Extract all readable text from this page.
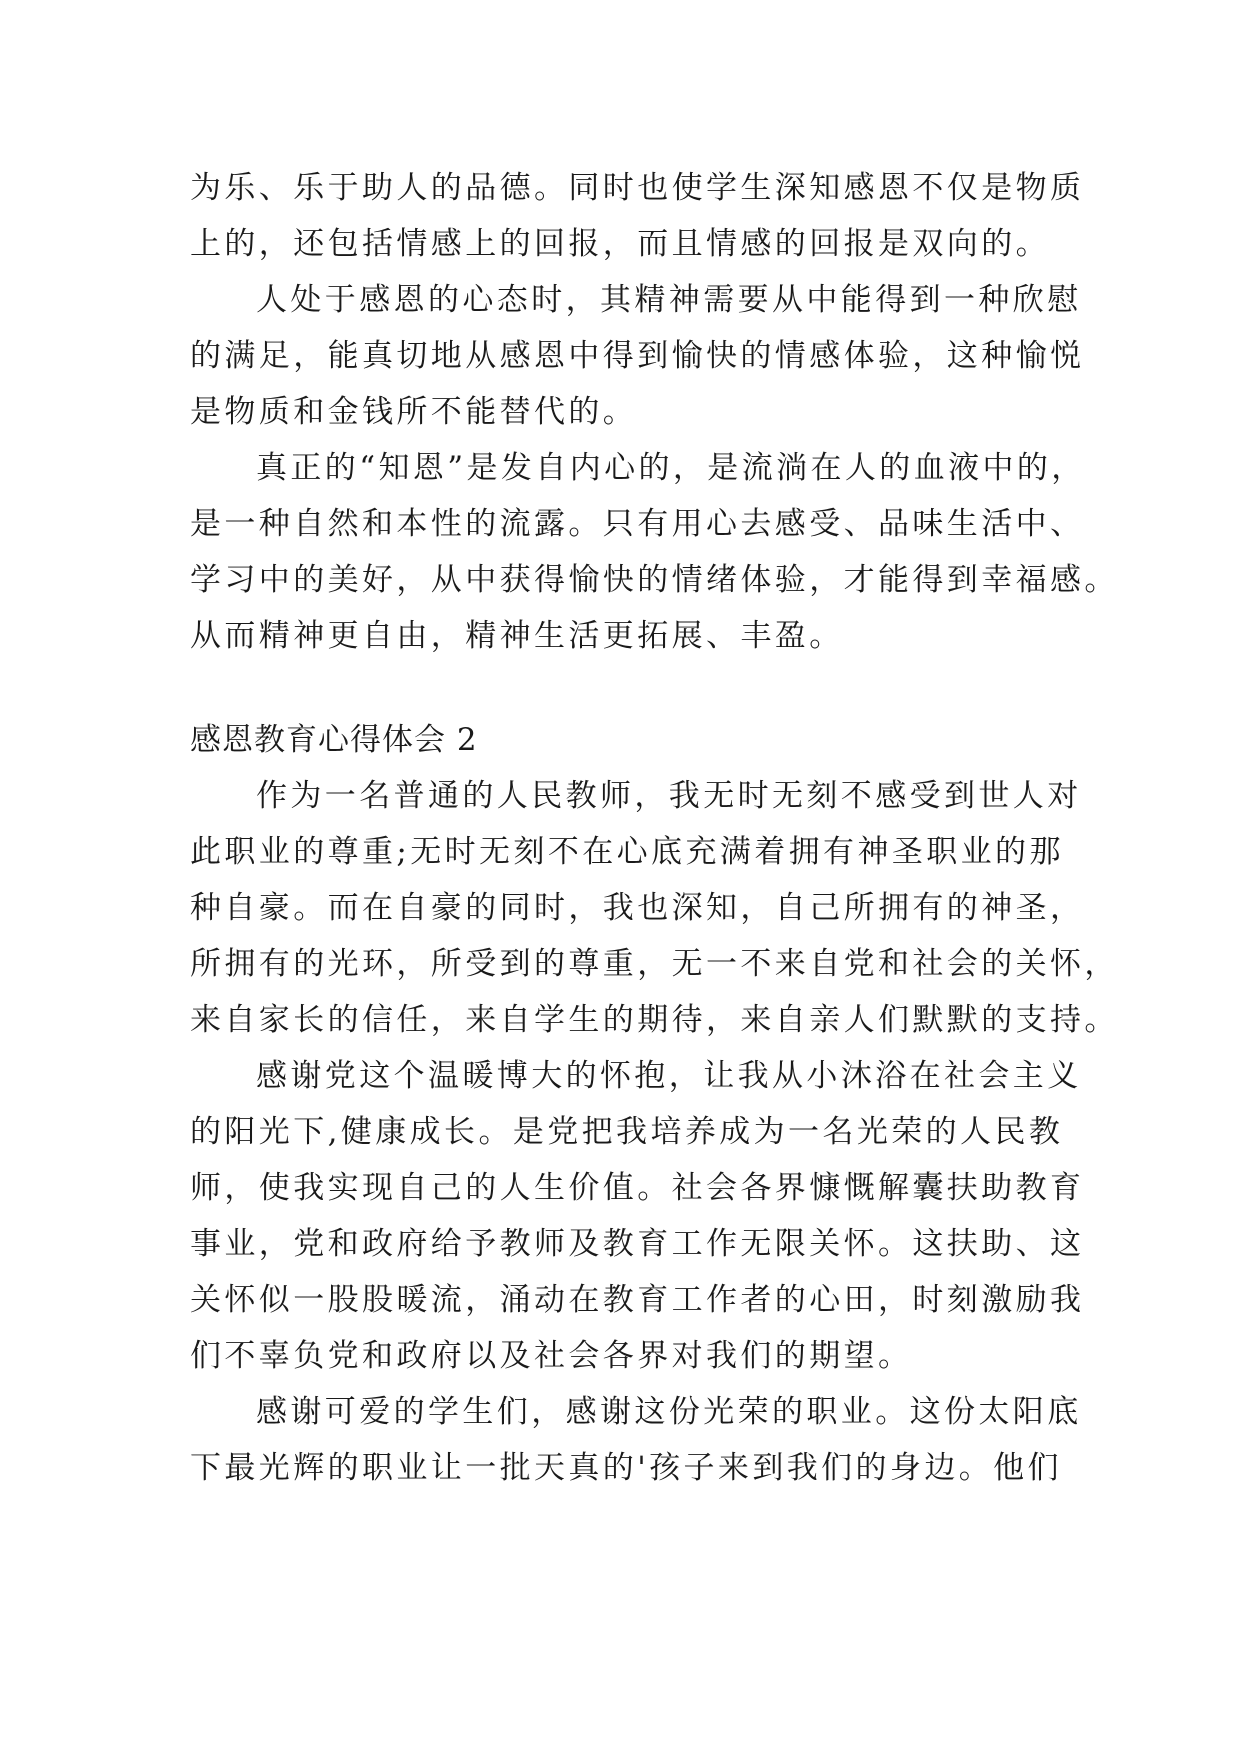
为乐、乐于助人的品德。同时也使学生深知感恩不仅是物质
上的，还包括情感上的回报，而且情感的回报是双向的。
人处于感恩的心态时，其精神需要从中能得到一种欣慰
的满足，能真切地从感恩中得到愉快的情感体验，这种愉悦
是物质和金钱所不能替代的。
真正的“知恩”是发自内心的，是流淌在人的血液中的，
是一种自然和本性的流露。只有用心去感受、品味生活中、
学习中的美好，从中获得愉快的情绪体验，才能得到幸福感。
从而精神更自由，精神生活更拓展、丰盈。
感恩教育心得体会 2
作为一名普通的人民教师，我无时无刻不感受到世人对
此职业的尊重;无时无刻不在心底充满着拥有神圣职业的那
种自豪。而在自豪的同时，我也深知，自己所拥有的神圣，
所拥有的光环，所受到的尊重，无一不来自党和社会的关怀，
来自家长的信任，来自学生的期待，来自亲人们默默的支持。
感谢党这个温暖博大的怀抱，让我从小沐浴在社会主义
的阳光下,健康成长。是党把我培养成为一名光荣的人民教
师，使我实现自己的人生价值。社会各界慷慨解囊扶助教育
事业，党和政府给予教师及教育工作无限关怀。这扶助、这
关怀似一股股暖流，涌动在教育工作者的心田，时刻激励我
们不辜负党和政府以及社会各界对我们的期望。
感谢可爱的学生们，感谢这份光荣的职业。这份太阳底
下最光辉的职业让一批天真的'孩子来到我们的身边。他们
